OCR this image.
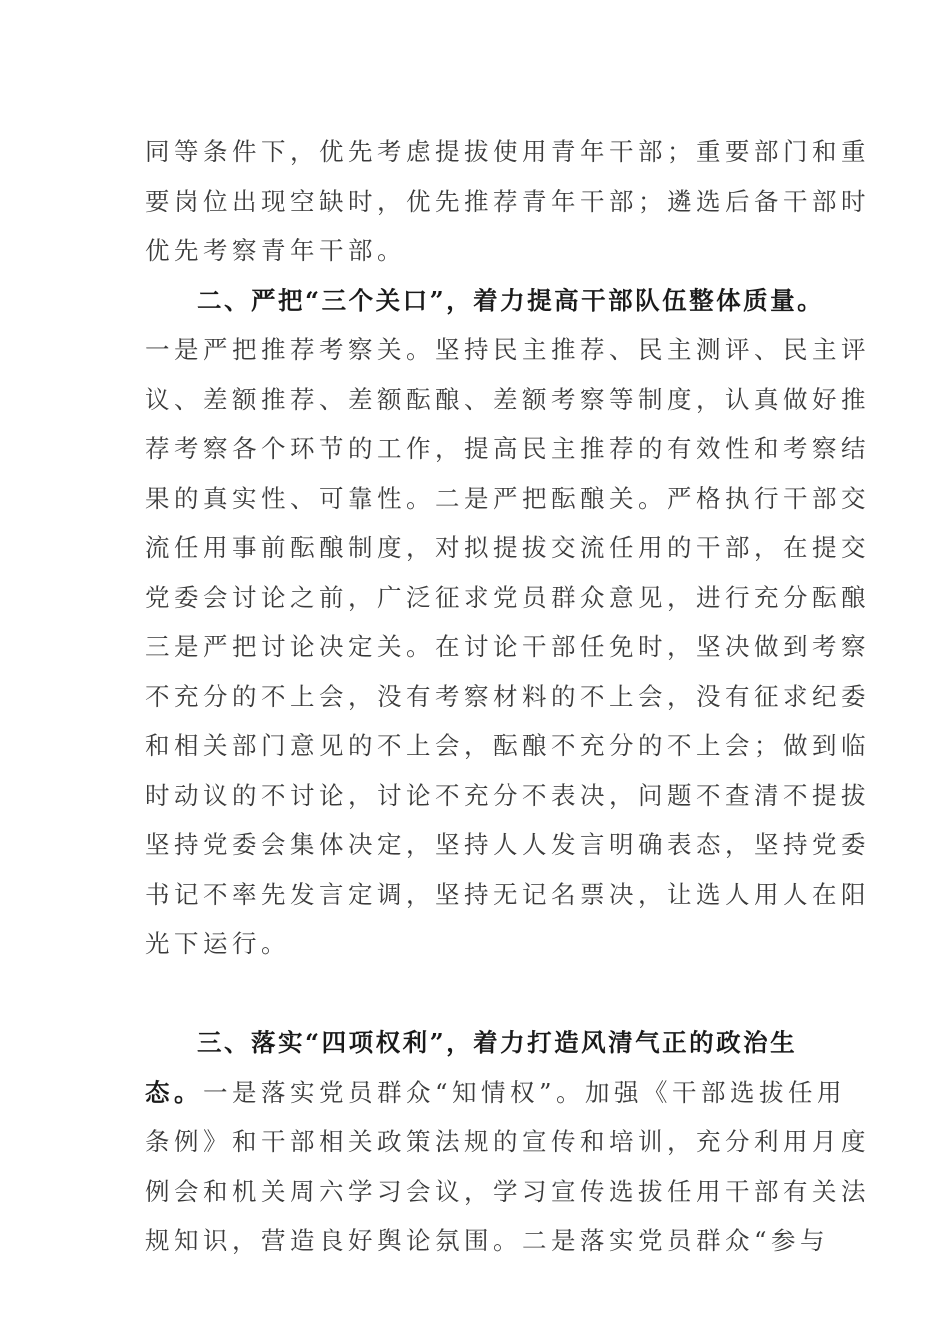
同等条件下，优先考虑提拔使用青年干部；重要部门和重
要岗位出现空缺时，优先推荐青年干部；遴选后备干部时
优先考察青年干部。
二、严把“三个关口”，着力提高干部队伍整体质量。
一是严把推荐考察关。坚持民主推荐、民主测评、民主评
议、差额推荐、差额酝酿、差额考察等制度，认真做好推
荐考察各个环节的工作，提高民主推荐的有效性和考察结
果的真实性、可靠性。二是严把酝酿关。严格执行干部交
流任用事前酝酿制度，对拟提拔交流任用的干部，在提交
党委会讨论之前，广泛征求党员群众意见，进行充分酝酿
三是严把讨论决定关。在讨论干部任免时，坚决做到考察
不充分的不上会，没有考察材料的不上会，没有征求纪委
和相关部门意见的不上会，酝酿不充分的不上会；做到临
时动议的不讨论，讨论不充分不表决，问题不查清不提拔
坚持党委会集体决定，坚持人人发言明确表态，坚持党委
书记不率先发言定调，坚持无记名票决，让选人用人在阳
光下运行。
三、落实“四项权利”，着力打造风清气正的政治生
态。一是落实党员群众“知情权”。加强《干部选拔任用
条例》和干部相关政策法规的宣传和培训，充分利用月度
例会和机关周六学习会议，学习宣传选拔任用干部有关法
规知识，营造良好舆论氛围。二是落实党员群众“参与
